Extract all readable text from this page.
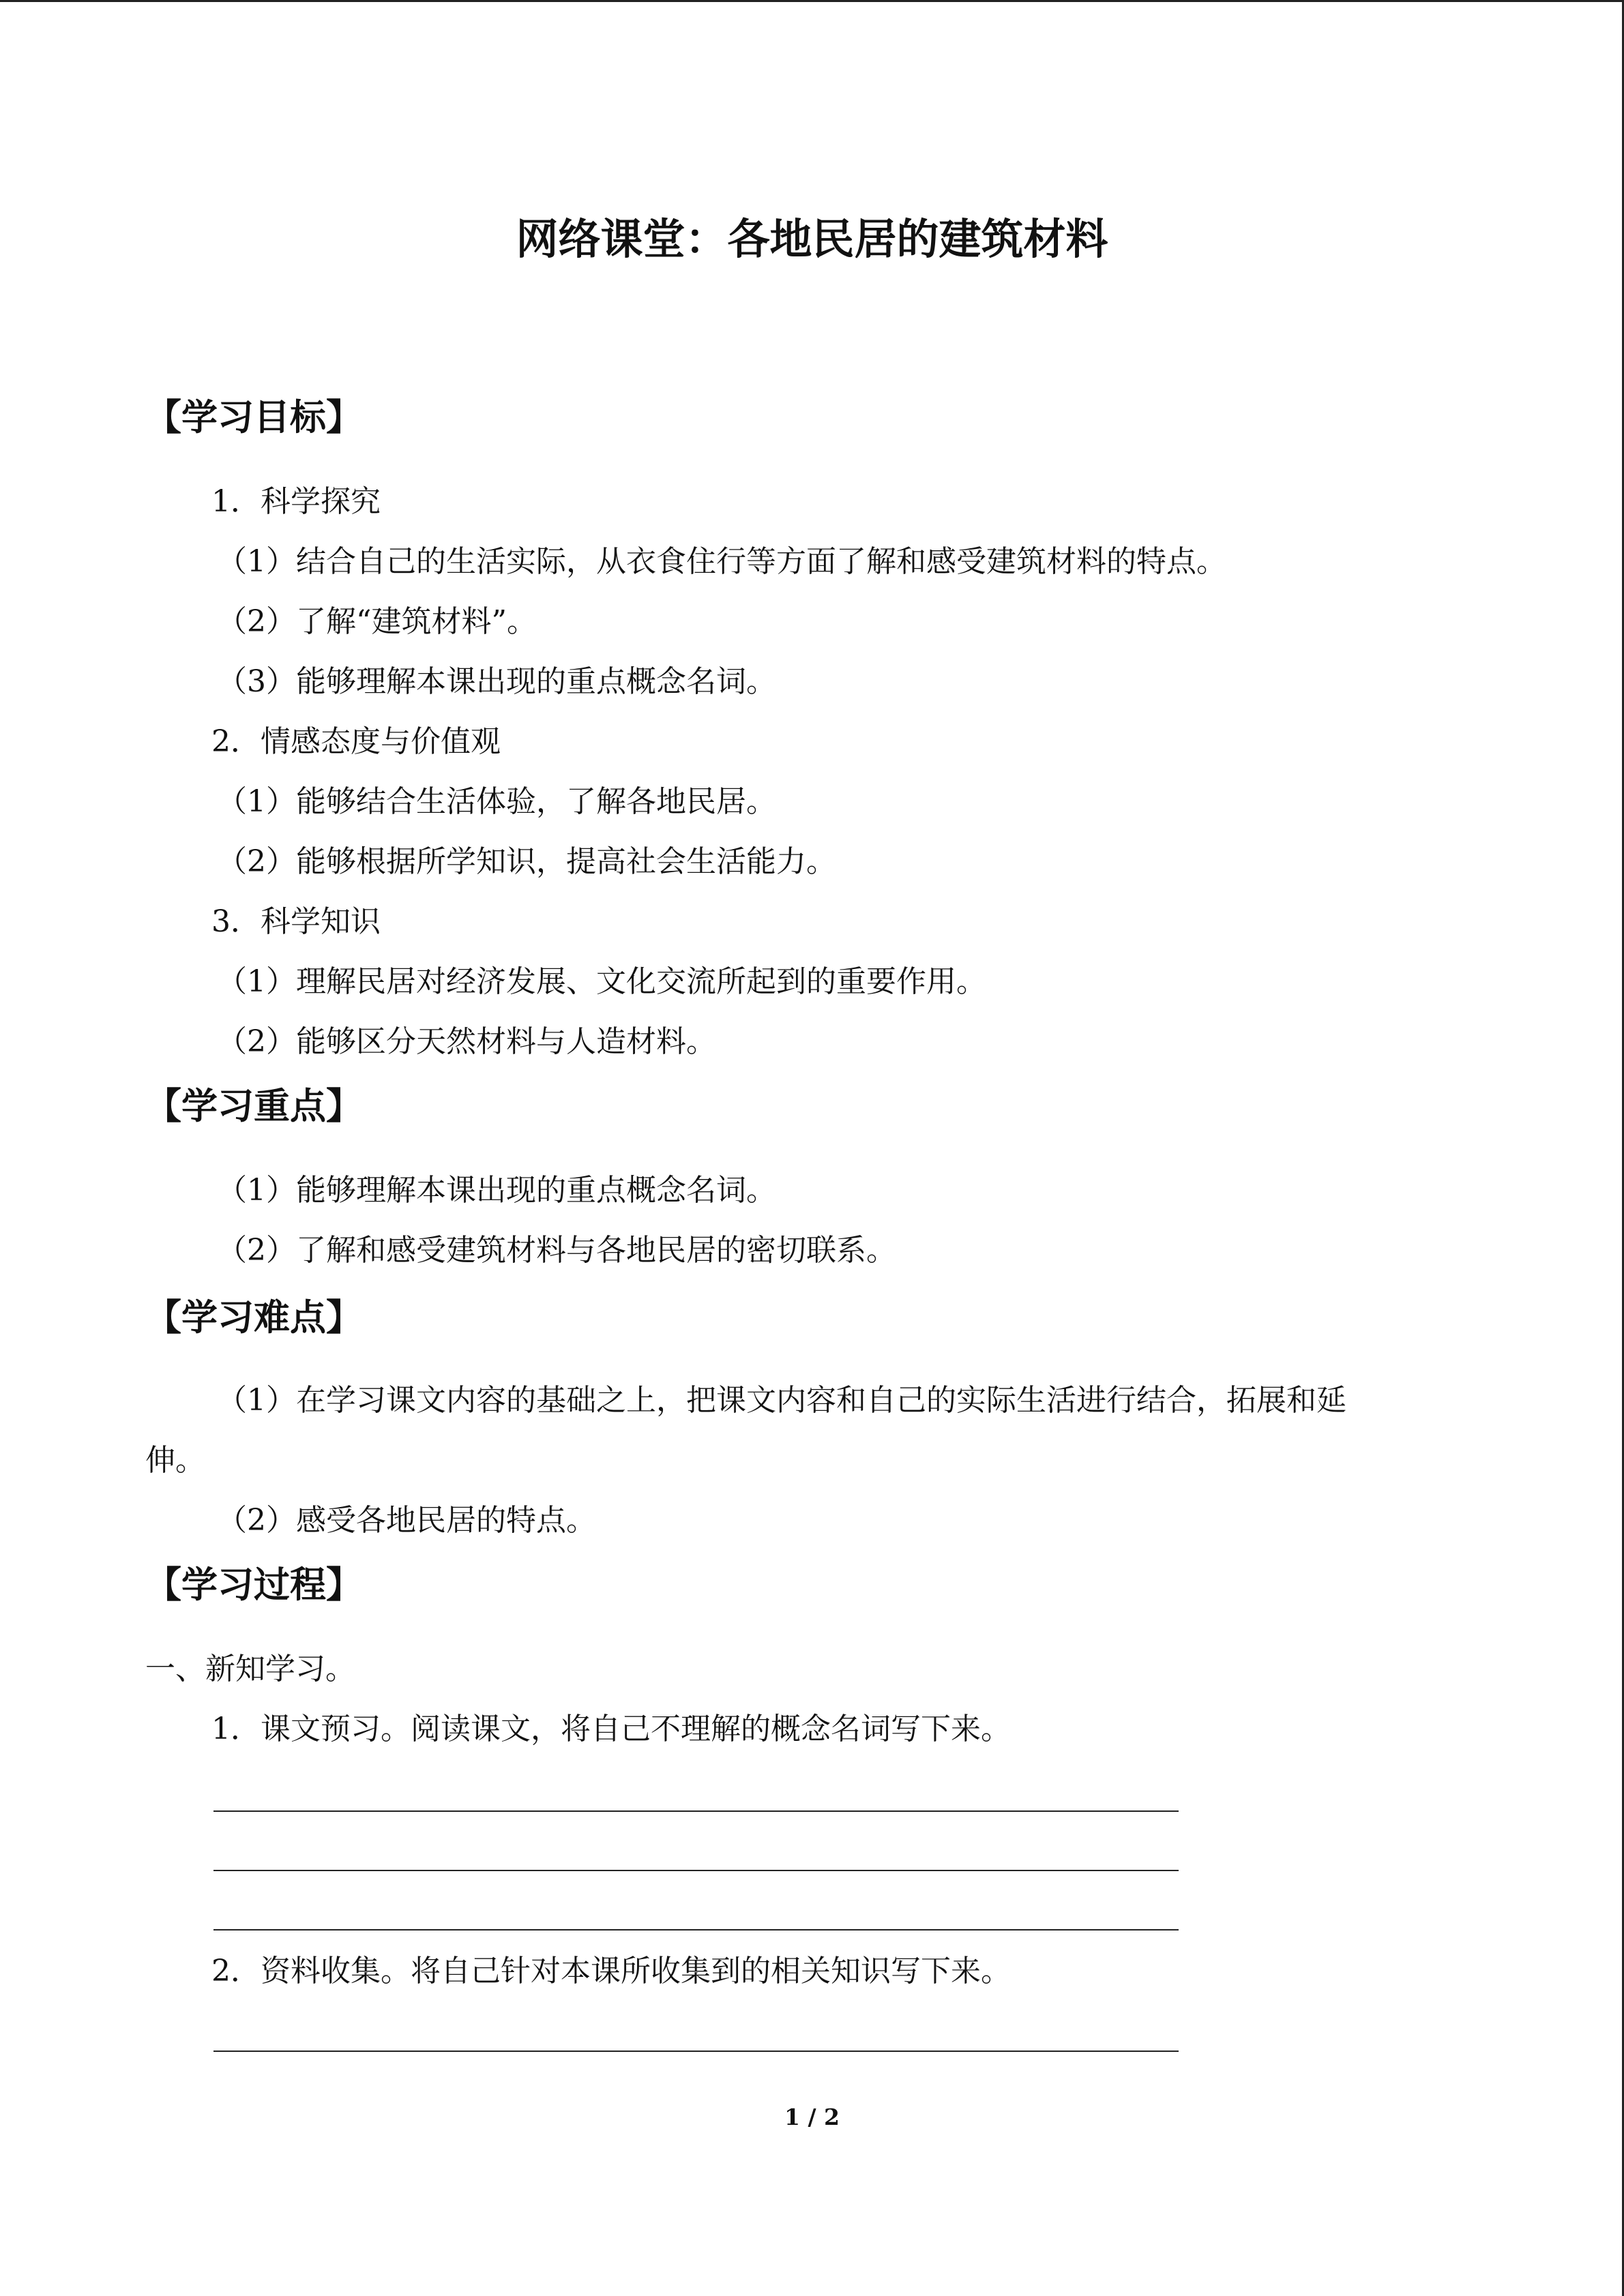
网络课堂：各地民居的建筑材料
【学习目标】
1．科学探究
（1）结合自己的生活实际，从衣食住行等方面了解和感受建筑材料的特点。
（2）了解“建筑材料”。
（3）能够理解本课出现的重点概念名词。
2．情感态度与价值观
（1）能够结合生活体验，了解各地民居。
（2）能够根据所学知识，提高社会生活能力。
3．科学知识
（1）理解民居对经济发展、文化交流所起到的重要作用。
（2）能够区分天然材料与人造材料。
【学习重点】
（1）能够理解本课出现的重点概念名词。
（2）了解和感受建筑材料与各地民居的密切联系。
【学习难点】
（1）在学习课文内容的基础之上，把课文内容和自己的实际生活进行结合，拓展和延
伸。
（2）感受各地民居的特点。
【学习过程】
一、新知学习。
1．课文预习。阅读课文，将自己不理解的概念名词写下来。
2．资料收集。将自己针对本课所收集到的相关知识写下来。
1 / 2
